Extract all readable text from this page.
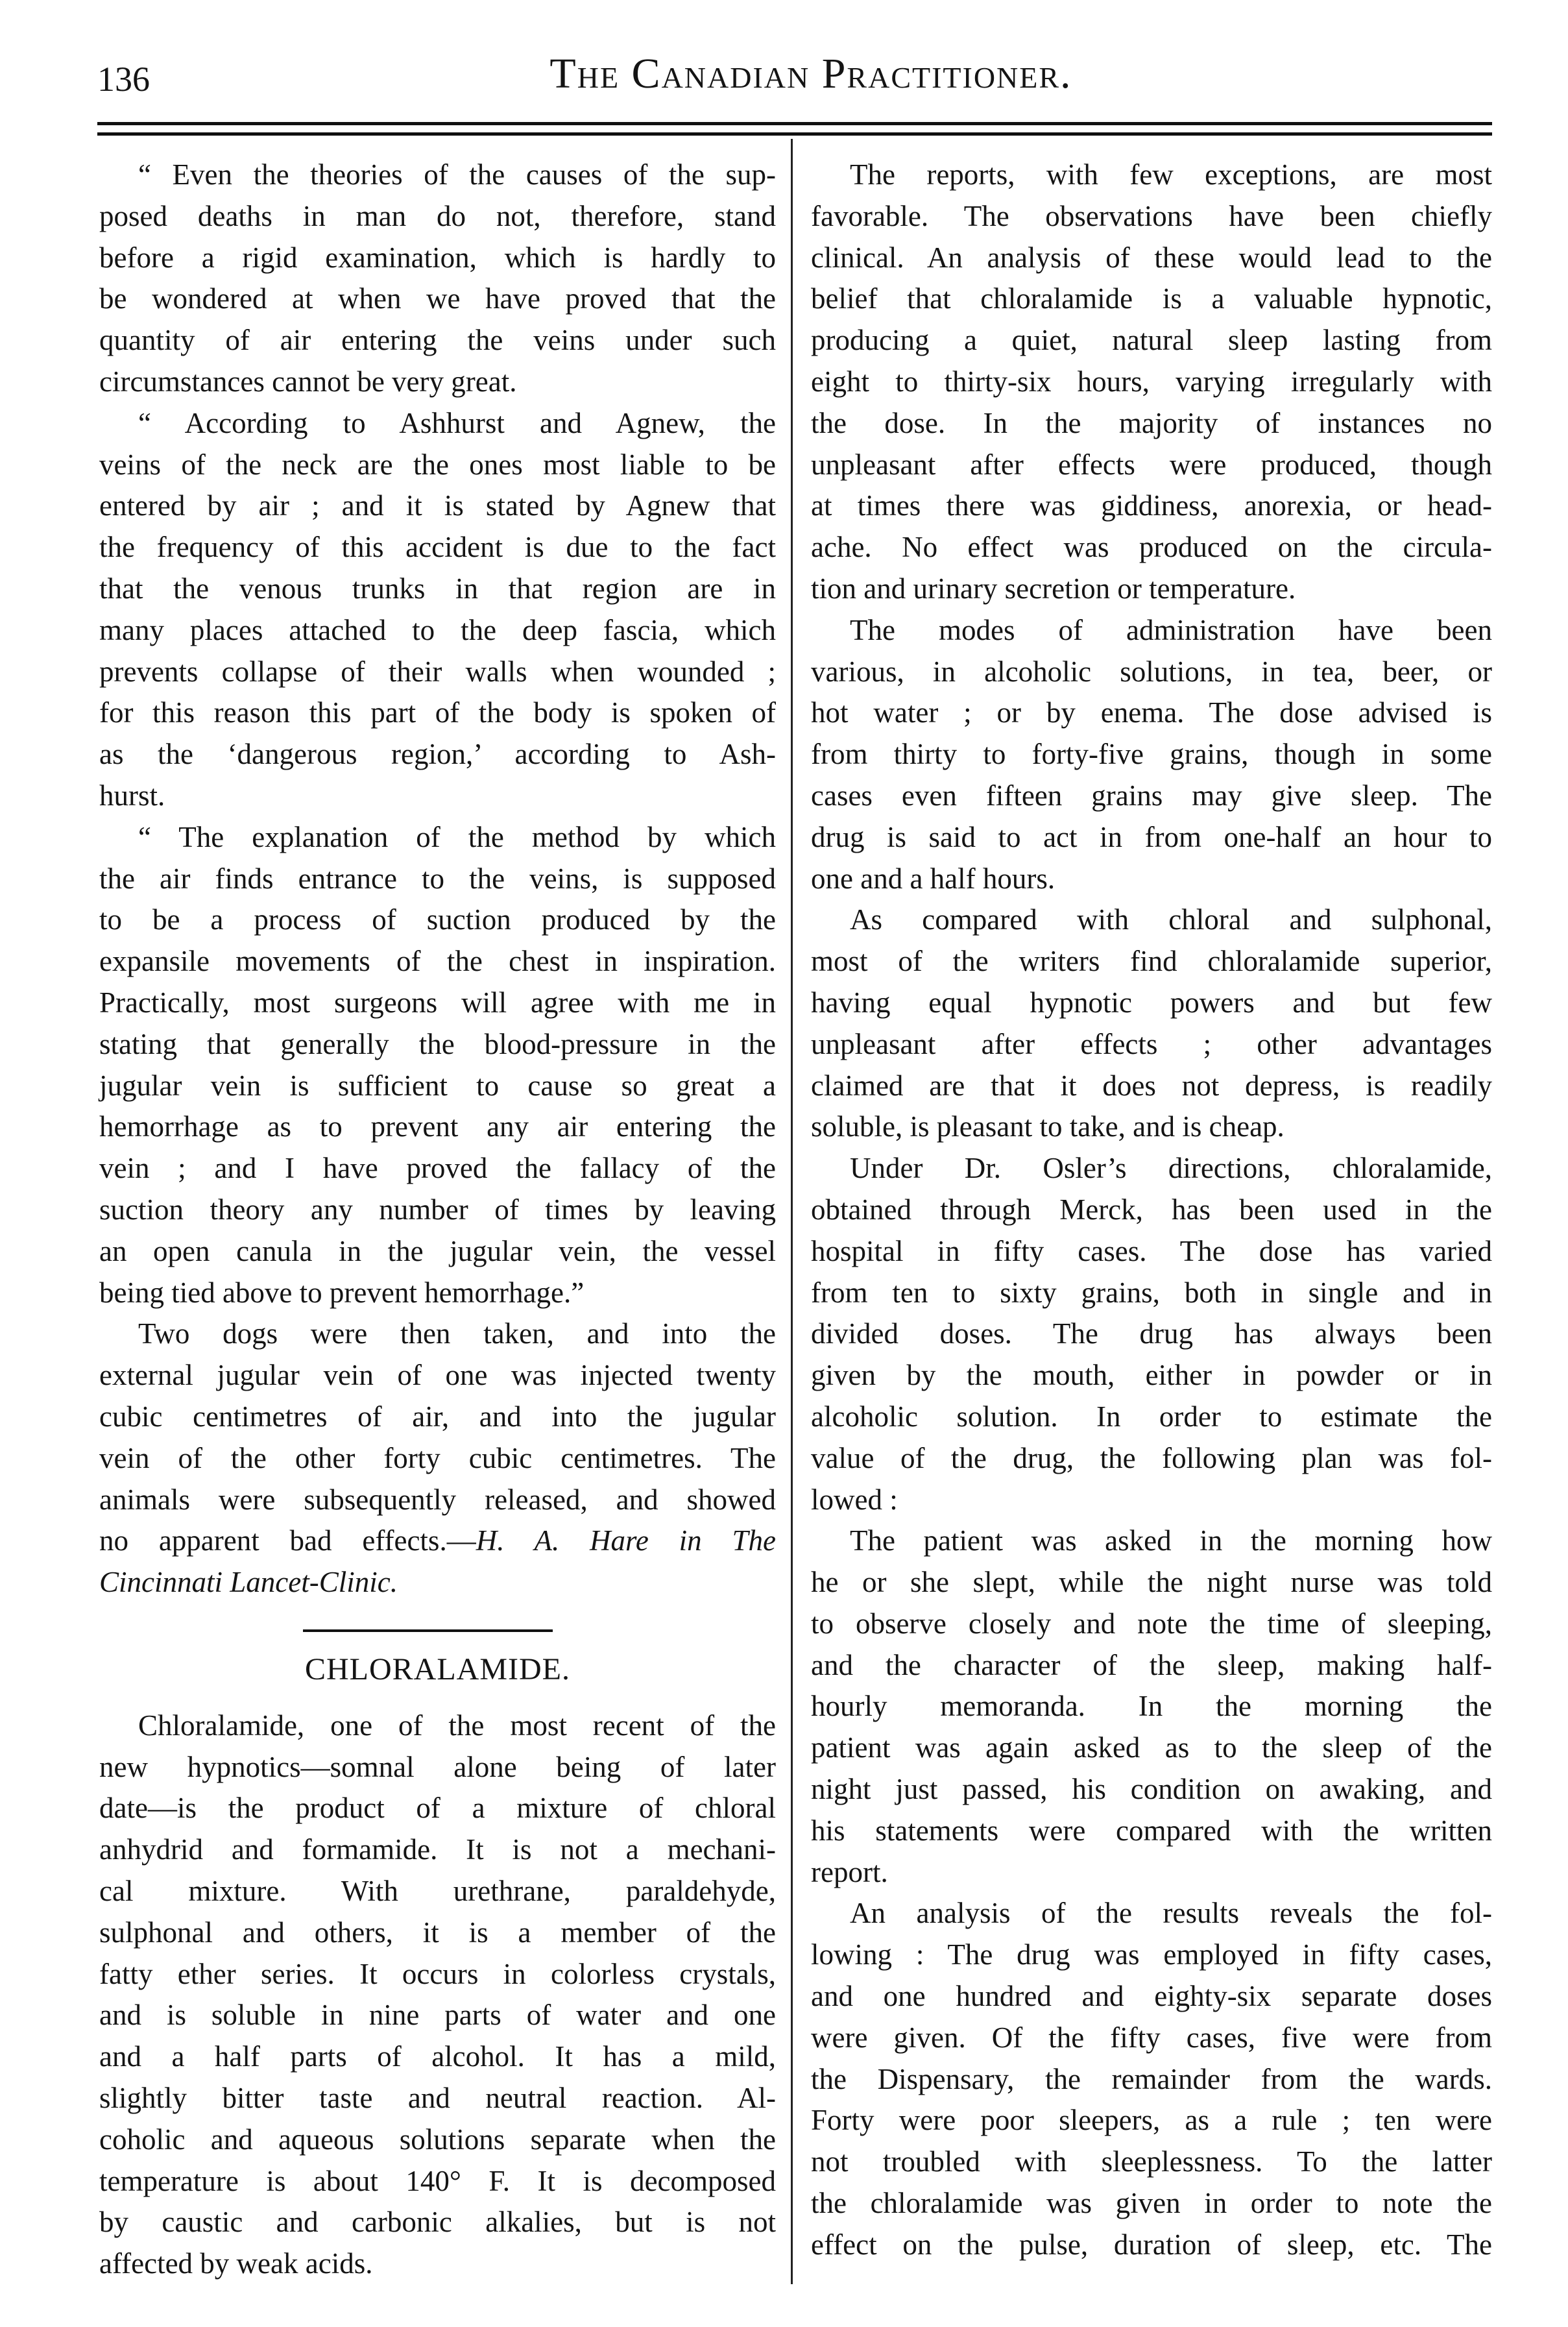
136	The Canadian Practitioner.
“ Even the theories of the causes of the sup-
posed deaths in man do not, therefore, stand
before a rigid examination, which is hardly to
be wondered at when we have proved that the
quantity of air entering the veins under such
circumstances cannot be very great.
“ According to Ashhurst and Agnew, the
veins of the neck are the ones most liable to be
entered by air ; and it is stated by Agnew that
the frequency of this accident is due to the fact
that the venous trunks in that region are in
many places attached to the deep fascia, which
prevents collapse of their walls when wounded ;
for this reason this part of the body is spoken of
as the ‘dangerous region,’ according to Ash-
hurst.
“ The explanation of the method by which
the air finds entrance to the veins, is supposed
to be a process of suction produced by the
expansile movements of the chest in inspiration.
Practically, most surgeons will agree with me in
stating that generally the blood-pressure in the
jugular vein is sufficient to cause so great a
hemorrhage as to prevent any air entering the
vein ; and I have proved the fallacy of the
suction theory any number of times by leaving
an open canula in the jugular vein, the vessel
being tied above to prevent hemorrhage.”
Two dogs were then taken, and into the
external jugular vein of one was injected twenty
cubic centimetres of air, and into the jugular
vein of the other forty cubic centimetres. The
animals were subsequently released, and showed
no apparent bad effects.—H. A. Hare in The
Cincinnati Lancet-Clinic.
CHLORALAMIDE.
Chloralamide, one of the most recent of the
new hypnotics—somnal alone being of later
date—is the product of a mixture of chloral
anhydrid and formamide. It is not a mechani-
cal mixture. With urethrane, paraldehyde,
sulphonal and others, it is a member of the
fatty ether series. It occurs in colorless crystals,
and is soluble in nine parts of water and one
and a half parts of alcohol. It has a mild,
slightly bitter taste and neutral reaction. Al-
coholic and aqueous solutions separate when the
temperature is about 140° F. It is decomposed
by caustic and carbonic alkalies, but is not
affected by weak acids.
The reports, with few exceptions, are most
favorable. The observations have been chiefly
clinical. An analysis of these would lead to the
belief that chloralamide is a valuable hypnotic,
producing a quiet, natural sleep lasting from
eight to thirty-six hours, varying irregularly with
the dose. In the majority of instances no
unpleasant after effects were produced, though
at times there was giddiness, anorexia, or head-
ache. No effect was produced on the circula-
tion and urinary secretion or temperature.
The modes of administration have been
various, in alcoholic solutions, in tea, beer, or
hot water ; or by enema. The dose advised is
from thirty to forty-five grains, though in some
cases even fifteen grains may give sleep. The
drug is said to act in from one-half an hour to
one and a half hours.
As compared with chloral and sulphonal,
most of the writers find chloralamide superior,
having equal hypnotic powers and but few
unpleasant after effects ; other advantages
claimed are that it does not depress, is readily
soluble, is pleasant to take, and is cheap.
Under Dr. Osler’s directions, chloralamide,
obtained through Merck, has been used in the
hospital in fifty cases. The dose has varied
from ten to sixty grains, both in single and in
divided doses. The drug has always been
given by the mouth, either in powder or in
alcoholic solution. In order to estimate the
value of the drug, the following plan was fol-
lowed :
The patient was asked in the morning how
he or she slept, while the night nurse was told
to observe closely and note the time of sleeping,
and the character of the sleep, making half-
hourly memoranda. In the morning the
patient was again asked as to the sleep of the
night just passed, his condition on awaking, and
his statements were compared with the written
report.
An analysis of the results reveals the fol-
lowing : The drug was employed in fifty cases,
and one hundred and eighty-six separate doses
were given. Of the fifty cases, five were from
the Dispensary, the remainder from the wards.
Forty were poor sleepers, as a rule ; ten were
not troubled with sleeplessness. To the latter
the chloralamide was given in order to note the
effect on the pulse, duration of sleep, etc. The
